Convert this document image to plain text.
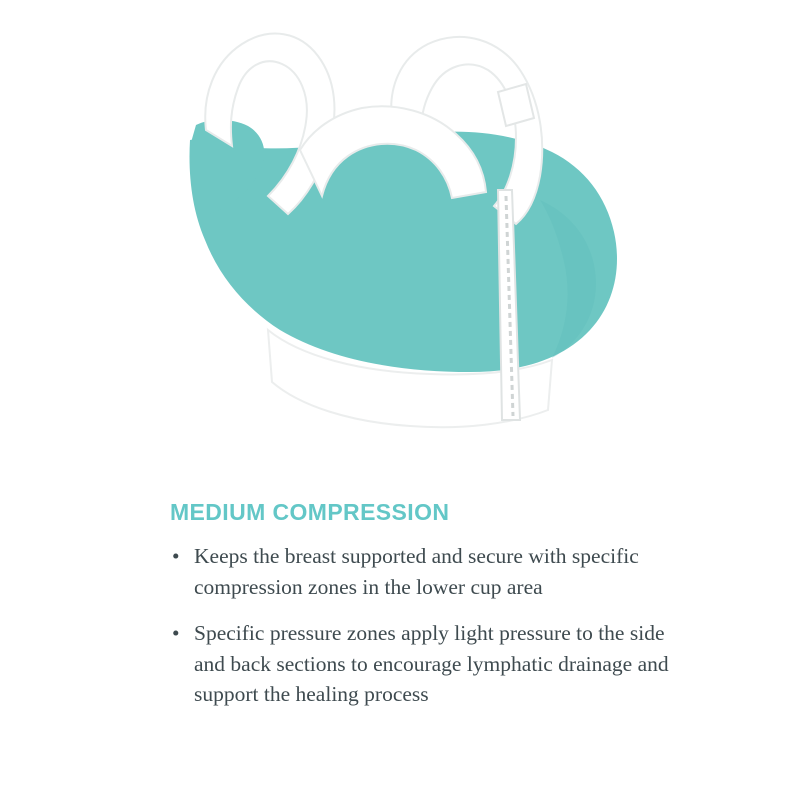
MEDIUM COMPRESSION
• Keeps the breast supported and secure with specific compression zones in the lower cup area
• Specific pressure zones apply light pressure to the side and back sections to encourage lymphatic drainage and support the healing process
